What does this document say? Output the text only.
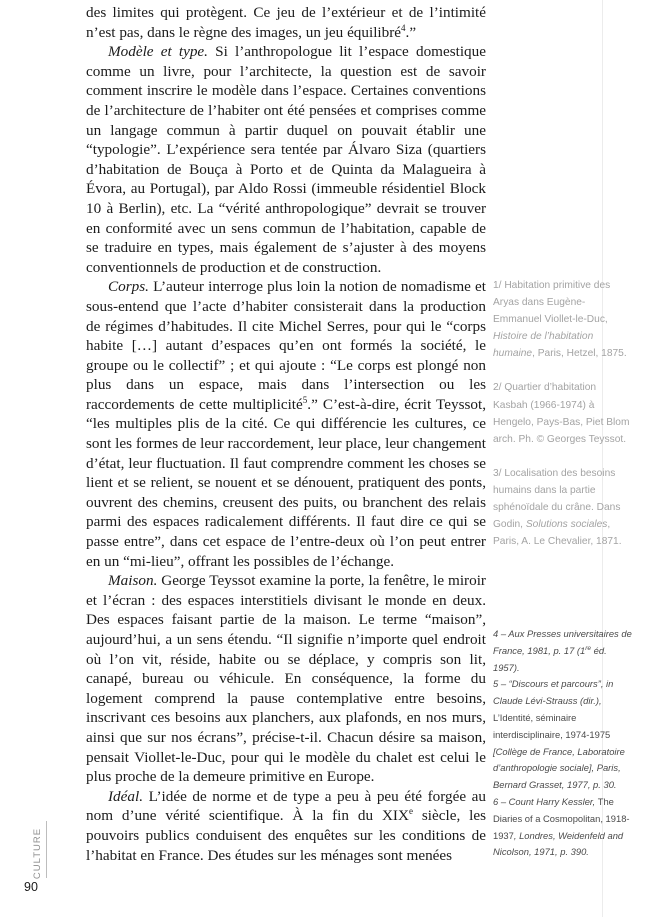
des limites qui protègent. Ce jeu de l’extérieur et de l’intimité n’est pas, dans le règne des images, un jeu équilibré$^4$.”

Modèle et type. Si l’anthropologue lit l’espace domestique comme un livre, pour l’architecte, la question est de savoir comment inscrire le modèle dans l’espace. Certaines conventions de l’architecture de l’habiter ont été pensées et comprises comme un langage commun à partir duquel on pouvait établir une “typologie”. L’expérience sera tentée par Álvaro Siza (quartiers d’habitation de Bouça à Porto et de Quinta da Malagueira à Évora, au Portugal), par Aldo Rossi (immeuble résidentiel Block 10 à Berlin), etc. La “vérité anthropologique” devrait se trouver en conformité avec un sens commun de l’habitation, capable de se traduire en types, mais également de s’ajuster à des moyens conventionnels de production et de construction.

Corps. L’auteur interroge plus loin la notion de nomadisme et sous-entend que l’acte d’habiter consisterait dans la production de régimes d’habitudes. Il cite Michel Serres, pour qui le “corps habite […] autant d’espaces qu’en ont formés la société, le groupe ou le collectif” ; et qui ajoute : “Le corps est plongé non plus dans un espace, mais dans l’intersection ou les raccordements de cette multiplicité$^5$.” C’est-à-dire, écrit Teyssot, “les multiples plis de la cité. Ce qui différencie les cultures, ce sont les formes de leur raccordement, leur place, leur changement d’état, leur fluctuation. Il faut comprendre comment les choses se lient et se relient, se nouent et se dénouent, pratiquent des ponts, ouvrent des chemins, creusent des puits, ou branchent des relais parmi des espaces radicalement différents. Il faut dire ce qui se passe entre”, dans cet espace de l’entre-deux où l’on peut entrer en un “mi-lieu”, offrant les possibles de l’échange.

Maison. George Teyssot examine la porte, la fenêtre, le miroir et l’écran : des espaces interstitiels divisant le monde en deux. Des espaces faisant partie de la maison. Le terme “maison”, aujourd’hui, a un sens étendu. “Il signifie n’importe quel endroit où l’on vit, réside, habite ou se déplace, y compris son lit, canapé, bureau ou véhicule. En conséquence, la forme du logement comprend la pause contemplative entre besoins, inscrivant ces besoins aux planchers, aux plafonds, en nos murs, ainsi que sur nos écrans”, précise-t-il. Chacun désire sa maison, pensait Viollet-le-Duc, pour qui le modèle du chalet est celui le plus proche de la demeure primitive en Europe.

Idéal. L’idée de norme et de type a peu à peu été forgée au nom d’une vérité scientifique. À la fin du XIXe siècle, les pouvoirs publics conduisent des enquêtes sur les conditions de l’habitat en France. Des études sur les ménages sont menées

1/ Habitation primitive des Aryas dans Eugène-Emmanuel Viollet-le-Duc, Histoire de l’habitation humaine, Paris, Hetzel, 1875.

2/ Quartier d’habitation Kasbah (1966-1974) à Hengelo, Pays-Bas, Piet Blom arch. Ph. © Georges Teyssot.

3/ Localisation des besoins humains dans la partie sphénoïdale du crâne. Dans Godin, Solutions sociales, Paris, A. Le Chevalier, 1871.

4 – Aux Presses universitaires de France, 1981, p. 17 (1re éd. 1957).

5 – “Discours et parcours”, in Claude Lévi-Strauss (dir.), L’Identité, séminaire interdisciplinaire, 1974-1975 [Collège de France, Laboratoire d’anthropologie sociale], Paris, Bernard Grasset, 1977, p. 30.

6 – Count Harry Kessler, The Diaries of a Cosmopolitan, 1918-1937, Londres, Weidenfeld and Nicolson, 1971, p. 390.

CULTURE
90
